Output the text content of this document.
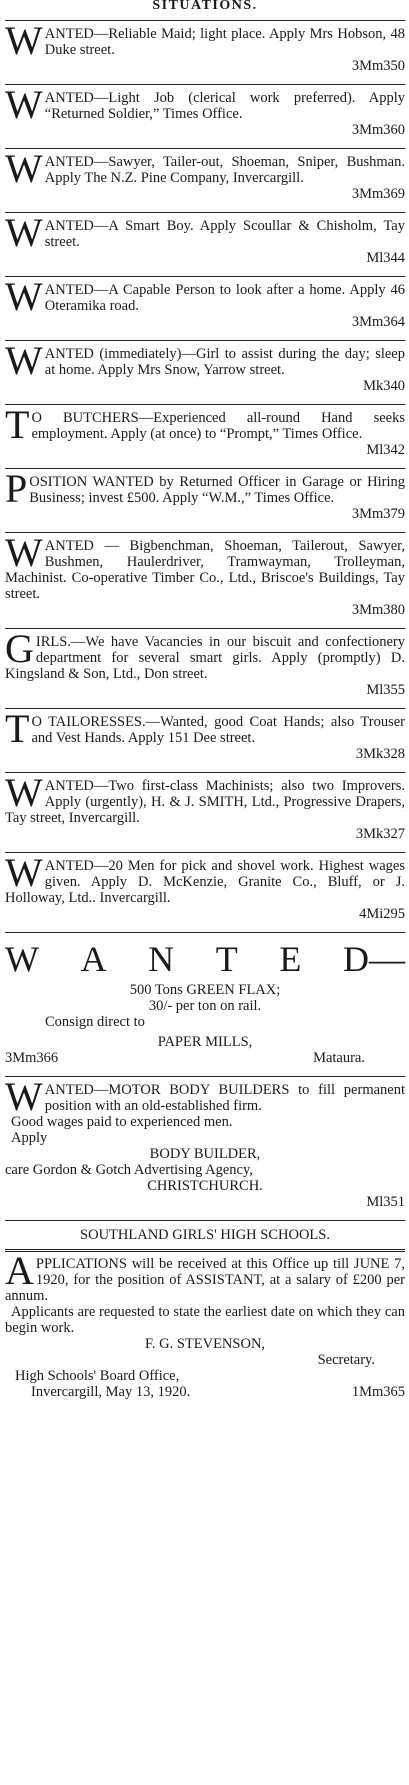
SITUATIONS.
WANTED—Reliable Maid; light place. Apply Mrs Hobson, 48 Duke street.
3Mm350
WANTED—Light Job (clerical work preferred). Apply “Returned Soldier,” Times Office.
3Mm360
WANTED—Sawyer, Tailer-out, Shoeman, Sniper, Bushman. Apply The N.Z. Pine Company, Invercargill.
3Mm369
WANTED—A Smart Boy. Apply Scoullar & Chisholm, Tay street.
Ml344
WANTED—A Capable Person to look after a home. Apply 46 Oteramika road.
3Mm364
WANTED (immediately)—Girl to assist during the day; sleep at home. Apply Mrs Snow, Yarrow street.
Mk340
T O BUTCHERS—Experienced all-round Hand seeks employment. Apply (at once) to “Prompt,” Times Office.
Ml342
POSITION WANTED by Returned Officer in Garage or Hiring Business; invest £500. Apply “W.M.,” Times Office.
3Mm379
WANTED — Bigbenchman, Shoeman, Tailerout, Sawyer, Bushmen, Haulerdriver, Tramwayman, Trolleyman, Machinist. Co-operative Timber Co., Ltd., Briscoe's Buildings, Tay street.
3Mm380
GIRLS.—We have Vacancies in our biscuit and confectionery department for several smart girls. Apply (promptly) D. Kingsland & Son, Ltd., Don street.
Ml355
T O TAILORESSES.—Wanted, good Coat Hands; also Trouser and Vest Hands. Apply 151 Dee street.
3Mk328
WANTED—Two first-class Machinists; also two Improvers. Apply (urgently), H. & J. SMITH, Ltd., Progressive Drapers, Tay street, Invercargill.
3Mk327
WANTED—20 Men for pick and shovel work. Highest wages given. Apply D. McKenzie, Granite Co., Bluff, or J. Holloway, Ltd.. Invercargill.
4Mi295
W A N T E D—
500 Tons GREEN FLAX;
30/- per ton on rail.
Consign direct to
PAPER MILLS,
3Mm366	Mataura.
WANTED—MOTOR BODY BUILDERS to fill permanent position with an old-established firm.
Good wages paid to experienced men.
Apply
BODY BUILDER,
care Gordon & Gotch Advertising Agency,
CHRISTCHURCH.
Ml351
SOUTHLAND GIRLS' HIGH SCHOOLS.
APPLICATIONS will be received at this Office up till JUNE 7, 1920, for the position of ASSISTANT, at a salary of £200 per annum.
Applicants are requested to state the earliest date on which they can begin work.
F. G. STEVENSON,
Secretary.
High Schools' Board Office,
Invercargill, May 13, 1920.	1Mm365
